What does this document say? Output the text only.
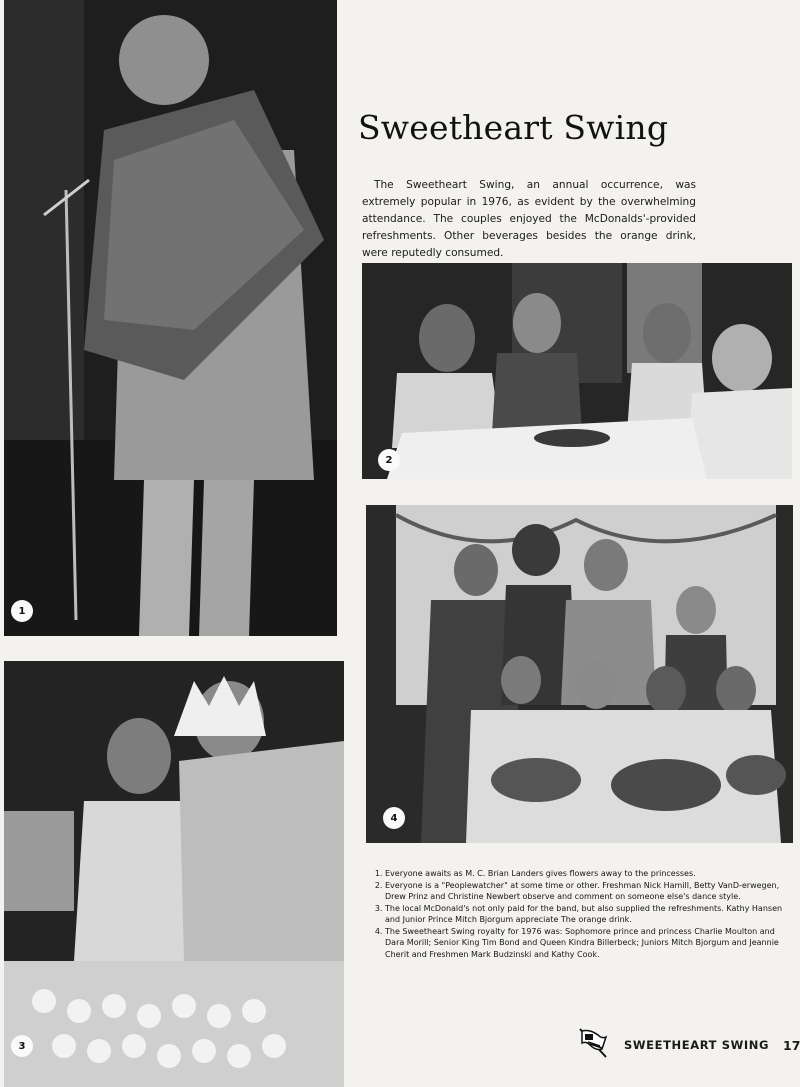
1
3
2
4
Sweetheart Swing

The Sweetheart Swing, an annual occurrence, was extremely popular in 1976, as evident by the overwhelming attendance. The couples enjoyed the McDonalds'-provided refreshments. Other beverages besides the orange drink, were reputedly consumed.

1. Everyone awaits as M. C. Brian Landers gives flowers away to the princesses.
2. Everyone is a "Peoplewatcher" at some time or other. Freshman Nick Hamill, Betty VanD-erwegen, Drew Prinz and Christine Newbert observe and comment on someone else's dance style.
3. The local McDonald's not only paid for the band, but also supplied the refreshments. Kathy Hansen and Junior Prince Mitch Bjorgum appreciate The orange drink.
4. The Sweetheart Swing royalty for 1976 was: Sophomore prince and princess Charlie Moulton and Dara Morill; Senior King Tim Bond and Queen Kindra Billerbeck; Juniors Mitch Bjorgum and Jeannie Cherit and Freshmen Mark Budzinski and Kathy Cook.
SWEETHEART SWING 17
